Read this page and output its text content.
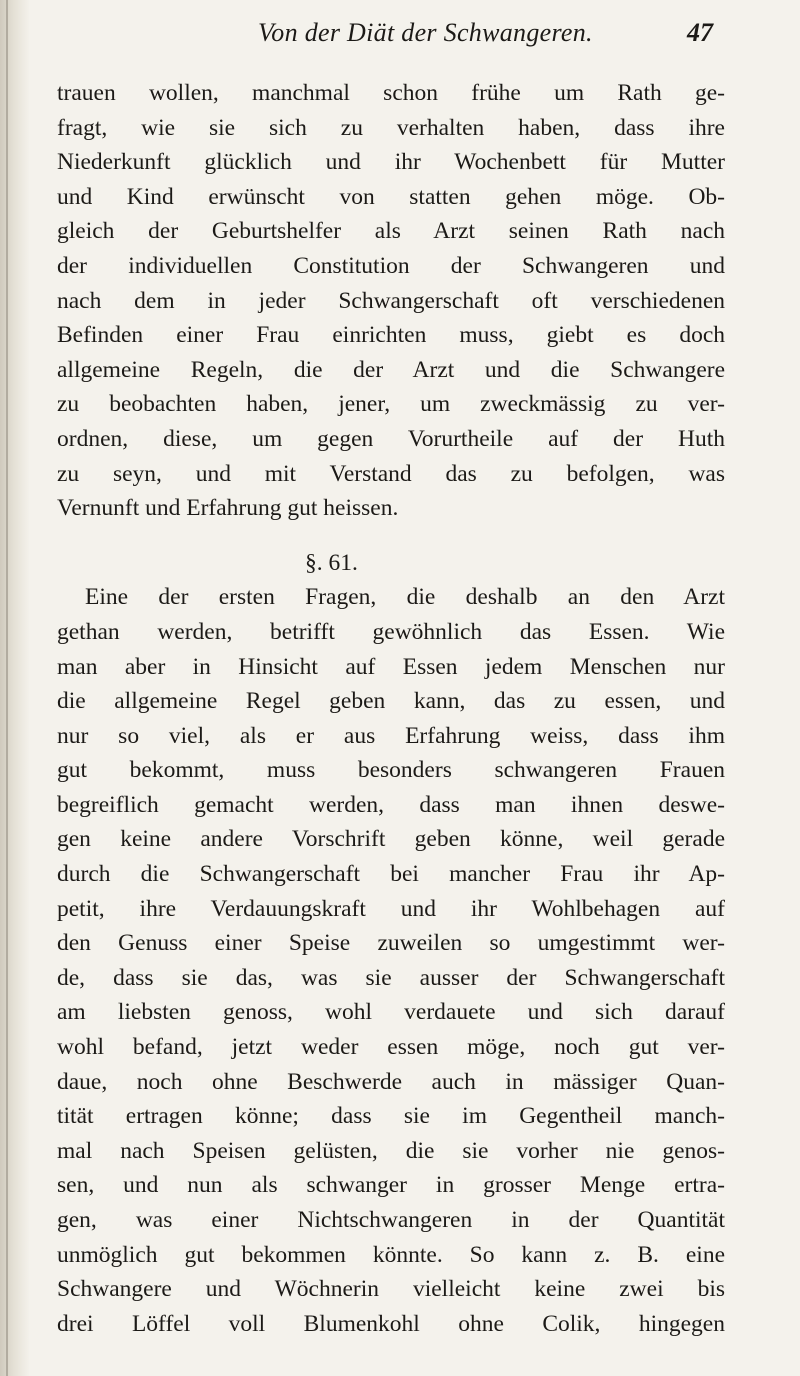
Von der Diät der Schwangeren.	47
trauen wollen, manchmal schon frühe um Rath ge-
fragt, wie sie sich zu verhalten haben, dass ihre
Niederkunft glücklich und ihr Wochenbett für Mutter
und Kind erwünscht von statten gehen möge. Ob-
gleich der Geburtshelfer als Arzt seinen Rath nach
der individuellen Constitution der Schwangeren und
nach dem in jeder Schwangerschaft oft verschiedenen
Befinden einer Frau einrichten muss, giebt es doch
allgemeine Regeln, die der Arzt und die Schwangere
zu beobachten haben, jener, um zweckmässig zu ver-
ordnen, diese, um gegen Vorurtheile auf der Huth
zu seyn, und mit Verstand das zu befolgen, was
Vernunft und Erfahrung gut heissen.
§. 61.
Eine der ersten Fragen, die deshalb an den Arzt
gethan werden, betrifft gewöhnlich das Essen. Wie
man aber in Hinsicht auf Essen jedem Menschen nur
die allgemeine Regel geben kann, das zu essen, und
nur so viel, als er aus Erfahrung weiss, dass ihm
gut bekommt, muss besonders schwangeren Frauen
begreiflich gemacht werden, dass man ihnen deswe-
gen keine andere Vorschrift geben könne, weil gerade
durch die Schwangerschaft bei mancher Frau ihr Ap-
petit, ihre Verdauungskraft und ihr Wohlbehagen auf
den Genuss einer Speise zuweilen so umgestimmt wer-
de, dass sie das, was sie ausser der Schwangerschaft
am liebsten genoss, wohl verdauete und sich darauf
wohl befand, jetzt weder essen möge, noch gut ver-
daue, noch ohne Beschwerde auch in mässiger Quan-
tität ertragen könne; dass sie im Gegentheil manch-
mal nach Speisen gelüsten, die sie vorher nie genos-
sen, und nun als schwanger in grosser Menge ertra-
gen, was einer Nichtschwangeren in der Quantität
unmöglich gut bekommen könnte. So kann z. B. eine
Schwangere und Wöchnerin vielleicht keine zwei bis
drei Löffel voll Blumenkohl ohne Colik, hingegen
